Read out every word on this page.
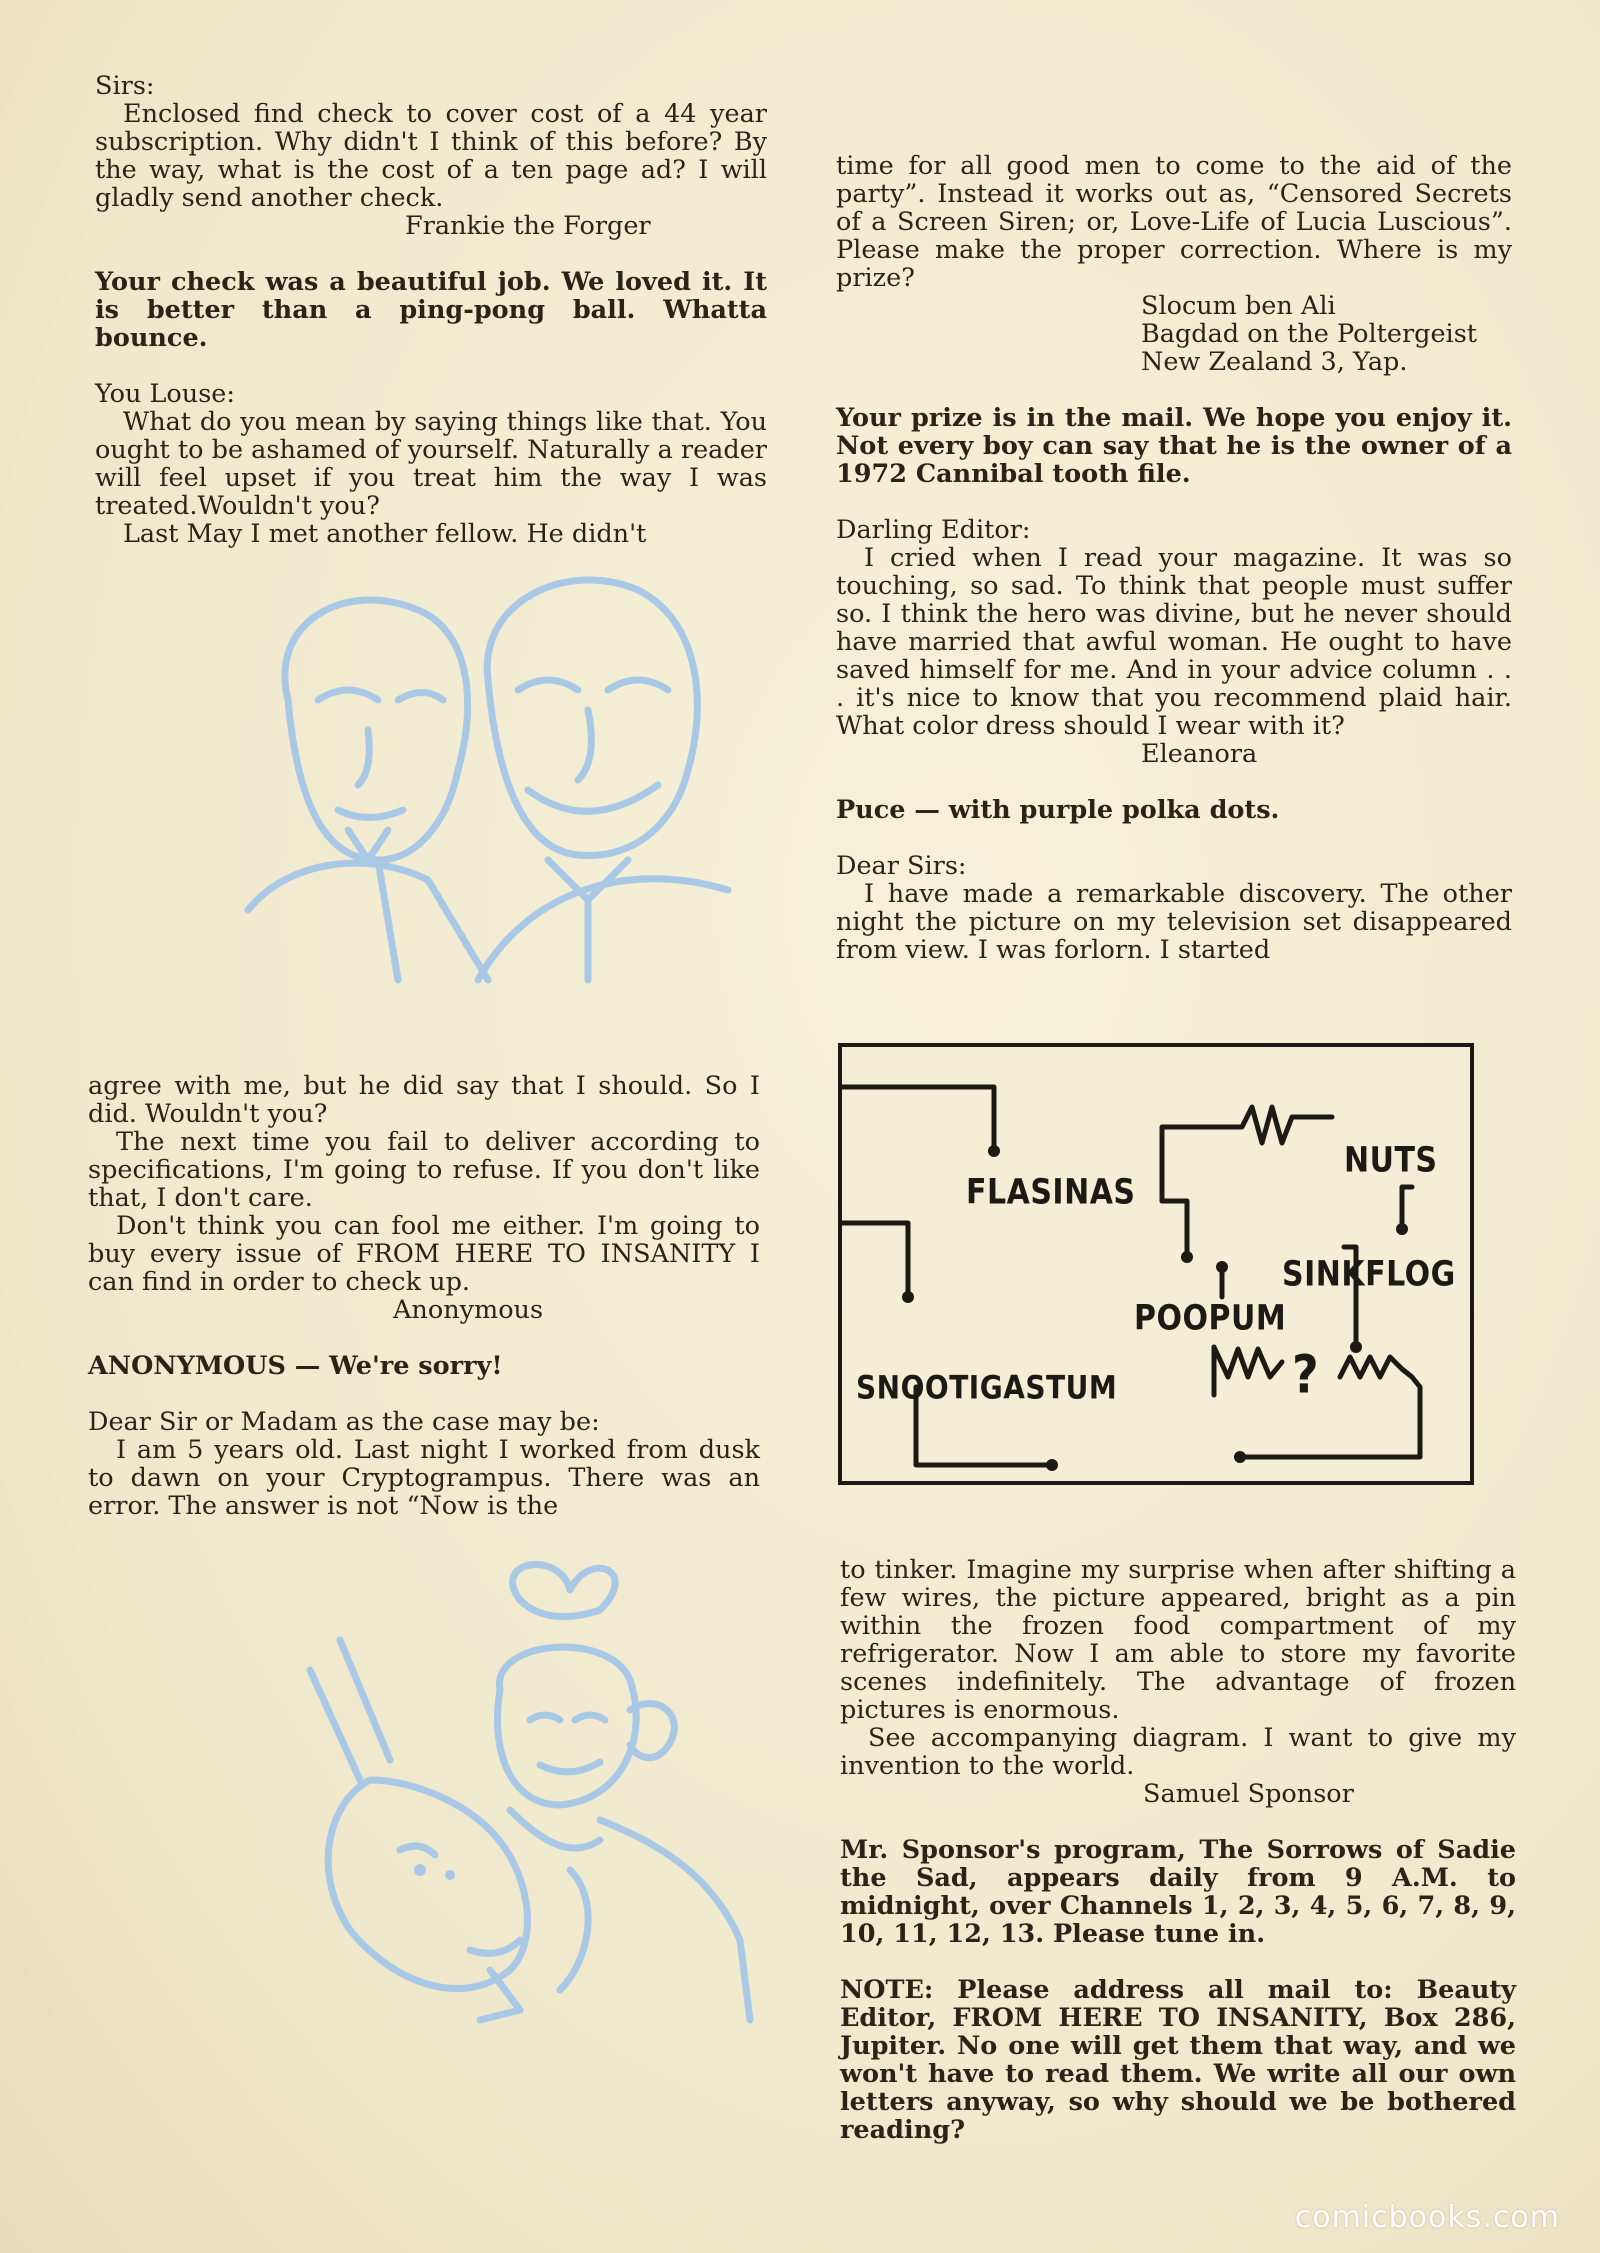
Sirs:

Enclosed find check to cover cost of a 44 year subscription. Why didn't I think of this before? By the way, what is the cost of a ten page ad? I will gladly send another check.

Frankie the Forger

Your check was a beautiful job. We loved it. It is better than a ping-pong ball. Whatta bounce.

You Louse:

What do you mean by saying things like that. You ought to be ashamed of yourself. Naturally a reader will feel upset if you treat him the way I was treated.Wouldn't you?

Last May I met another fellow. He didn't

agree with me, but he did say that I should. So I did. Wouldn't you?

The next time you fail to deliver according to specifications, I'm going to refuse. If you don't like that, I don't care.

Don't think you can fool me either. I'm going to buy every issue of FROM HERE TO INSANITY I can find in order to check up.

Anonymous

ANONYMOUS — We're sorry!

Dear Sir or Madam as the case may be:

I am 5 years old. Last night I worked from dusk to dawn on your Cryptogrampus. There was an error. The answer is not “Now is the

time for all good men to come to the aid of the party”. Instead it works out as, “Censored Secrets of a Screen Siren; or, Love-Life of Lucia Luscious”. Please make the proper correction. Where is my prize?

Slocum ben Ali

Bagdad on the Poltergeist

New Zealand 3, Yap.

Your prize is in the mail. We hope you enjoy it. Not every boy can say that he is the owner of a 1972 Cannibal tooth file.

Darling Editor:

I cried when I read your magazine. It was so touching, so sad. To think that people must suffer so. I think the hero was divine, but he never should have married that awful woman. He ought to have saved himself for me. And in your advice column . . . it's nice to know that you recommend plaid hair. What color dress should I wear with it?

Eleanora

Puce — with purple polka dots.

Dear Sirs:

I have made a remarkable discovery. The other night the picture on my television set disappeared from view. I was forlorn. I started

FLASINAS
NUTS
SINKFLOG
POOPUM
SNOOTIGASTUM	?

to tinker. Imagine my surprise when after shifting a few wires, the picture appeared, bright as a pin within the frozen food compartment of my refrigerator. Now I am able to store my favorite scenes indefinitely. The advantage of frozen pictures is enormous.

See accompanying diagram. I want to give my invention to the world.

Samuel Sponsor

Mr. Sponsor's program, The Sorrows of Sadie the Sad, appears daily from 9 A.M. to midnight, over Channels 1, 2, 3, 4, 5, 6, 7, 8, 9, 10, 11, 12, 13. Please tune in.

NOTE: Please address all mail to: Beauty Editor, FROM HERE TO INSANITY, Box 286, Jupiter. No one will get them that way, and we won't have to read them. We write all our own letters anyway, so why should we be bothered reading?

comicbooks.com
